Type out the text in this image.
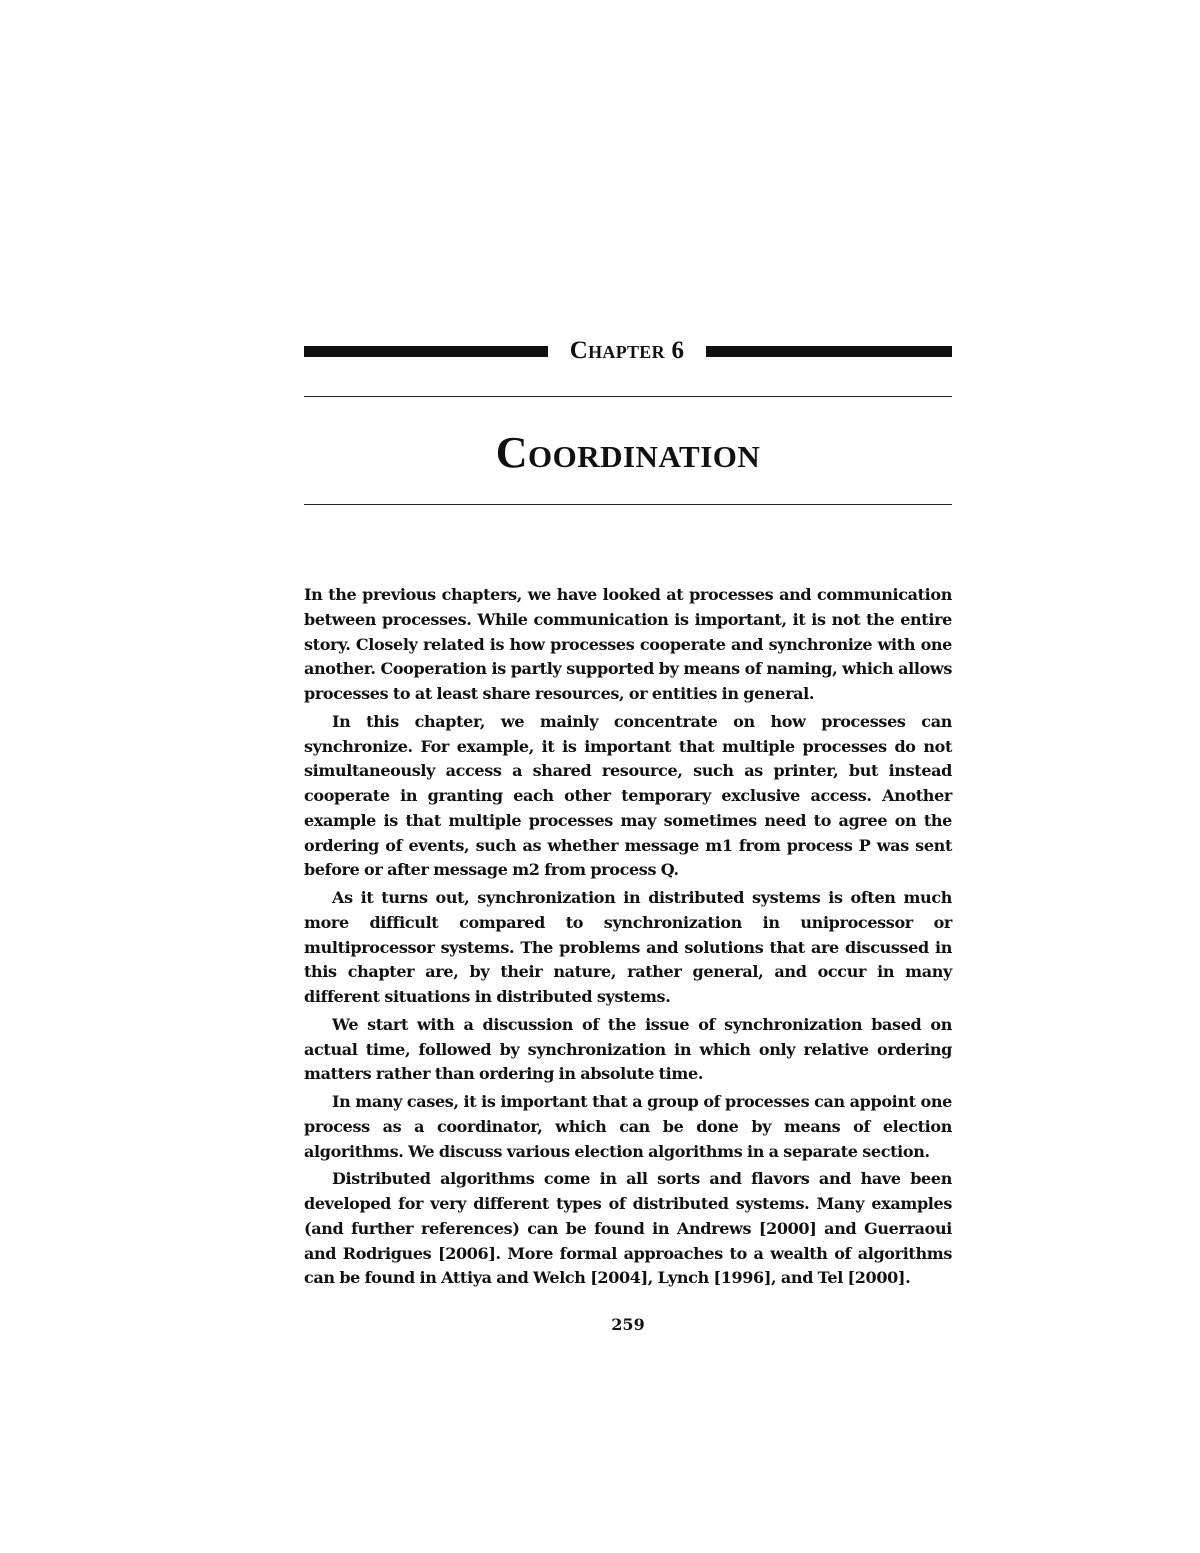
Chapter 6
Coordination

In the previous chapters, we have looked at processes and communication between processes. While communication is important, it is not the entire story. Closely related is how processes cooperate and synchronize with one another. Cooperation is partly supported by means of naming, which allows processes to at least share resources, or entities in general.

In this chapter, we mainly concentrate on how processes can synchronize. For example, it is important that multiple processes do not simultaneously access a shared resource, such as printer, but instead cooperate in granting each other temporary exclusive access. Another example is that multiple processes may sometimes need to agree on the ordering of events, such as whether message m1 from process P was sent before or after message m2 from process Q.

As it turns out, synchronization in distributed systems is often much more difficult compared to synchronization in uniprocessor or multiprocessor systems. The problems and solutions that are discussed in this chapter are, by their nature, rather general, and occur in many different situations in distributed systems.

We start with a discussion of the issue of synchronization based on actual time, followed by synchronization in which only relative ordering matters rather than ordering in absolute time.

In many cases, it is important that a group of processes can appoint one process as a coordinator, which can be done by means of election algorithms. We discuss various election algorithms in a separate section.

Distributed algorithms come in all sorts and flavors and have been developed for very different types of distributed systems. Many examples (and further references) can be found in Andrews [2000] and Guerraoui and Rodrigues [2006]. More formal approaches to a wealth of algorithms can be found in Attiya and Welch [2004], Lynch [1996], and Tel [2000].

259
